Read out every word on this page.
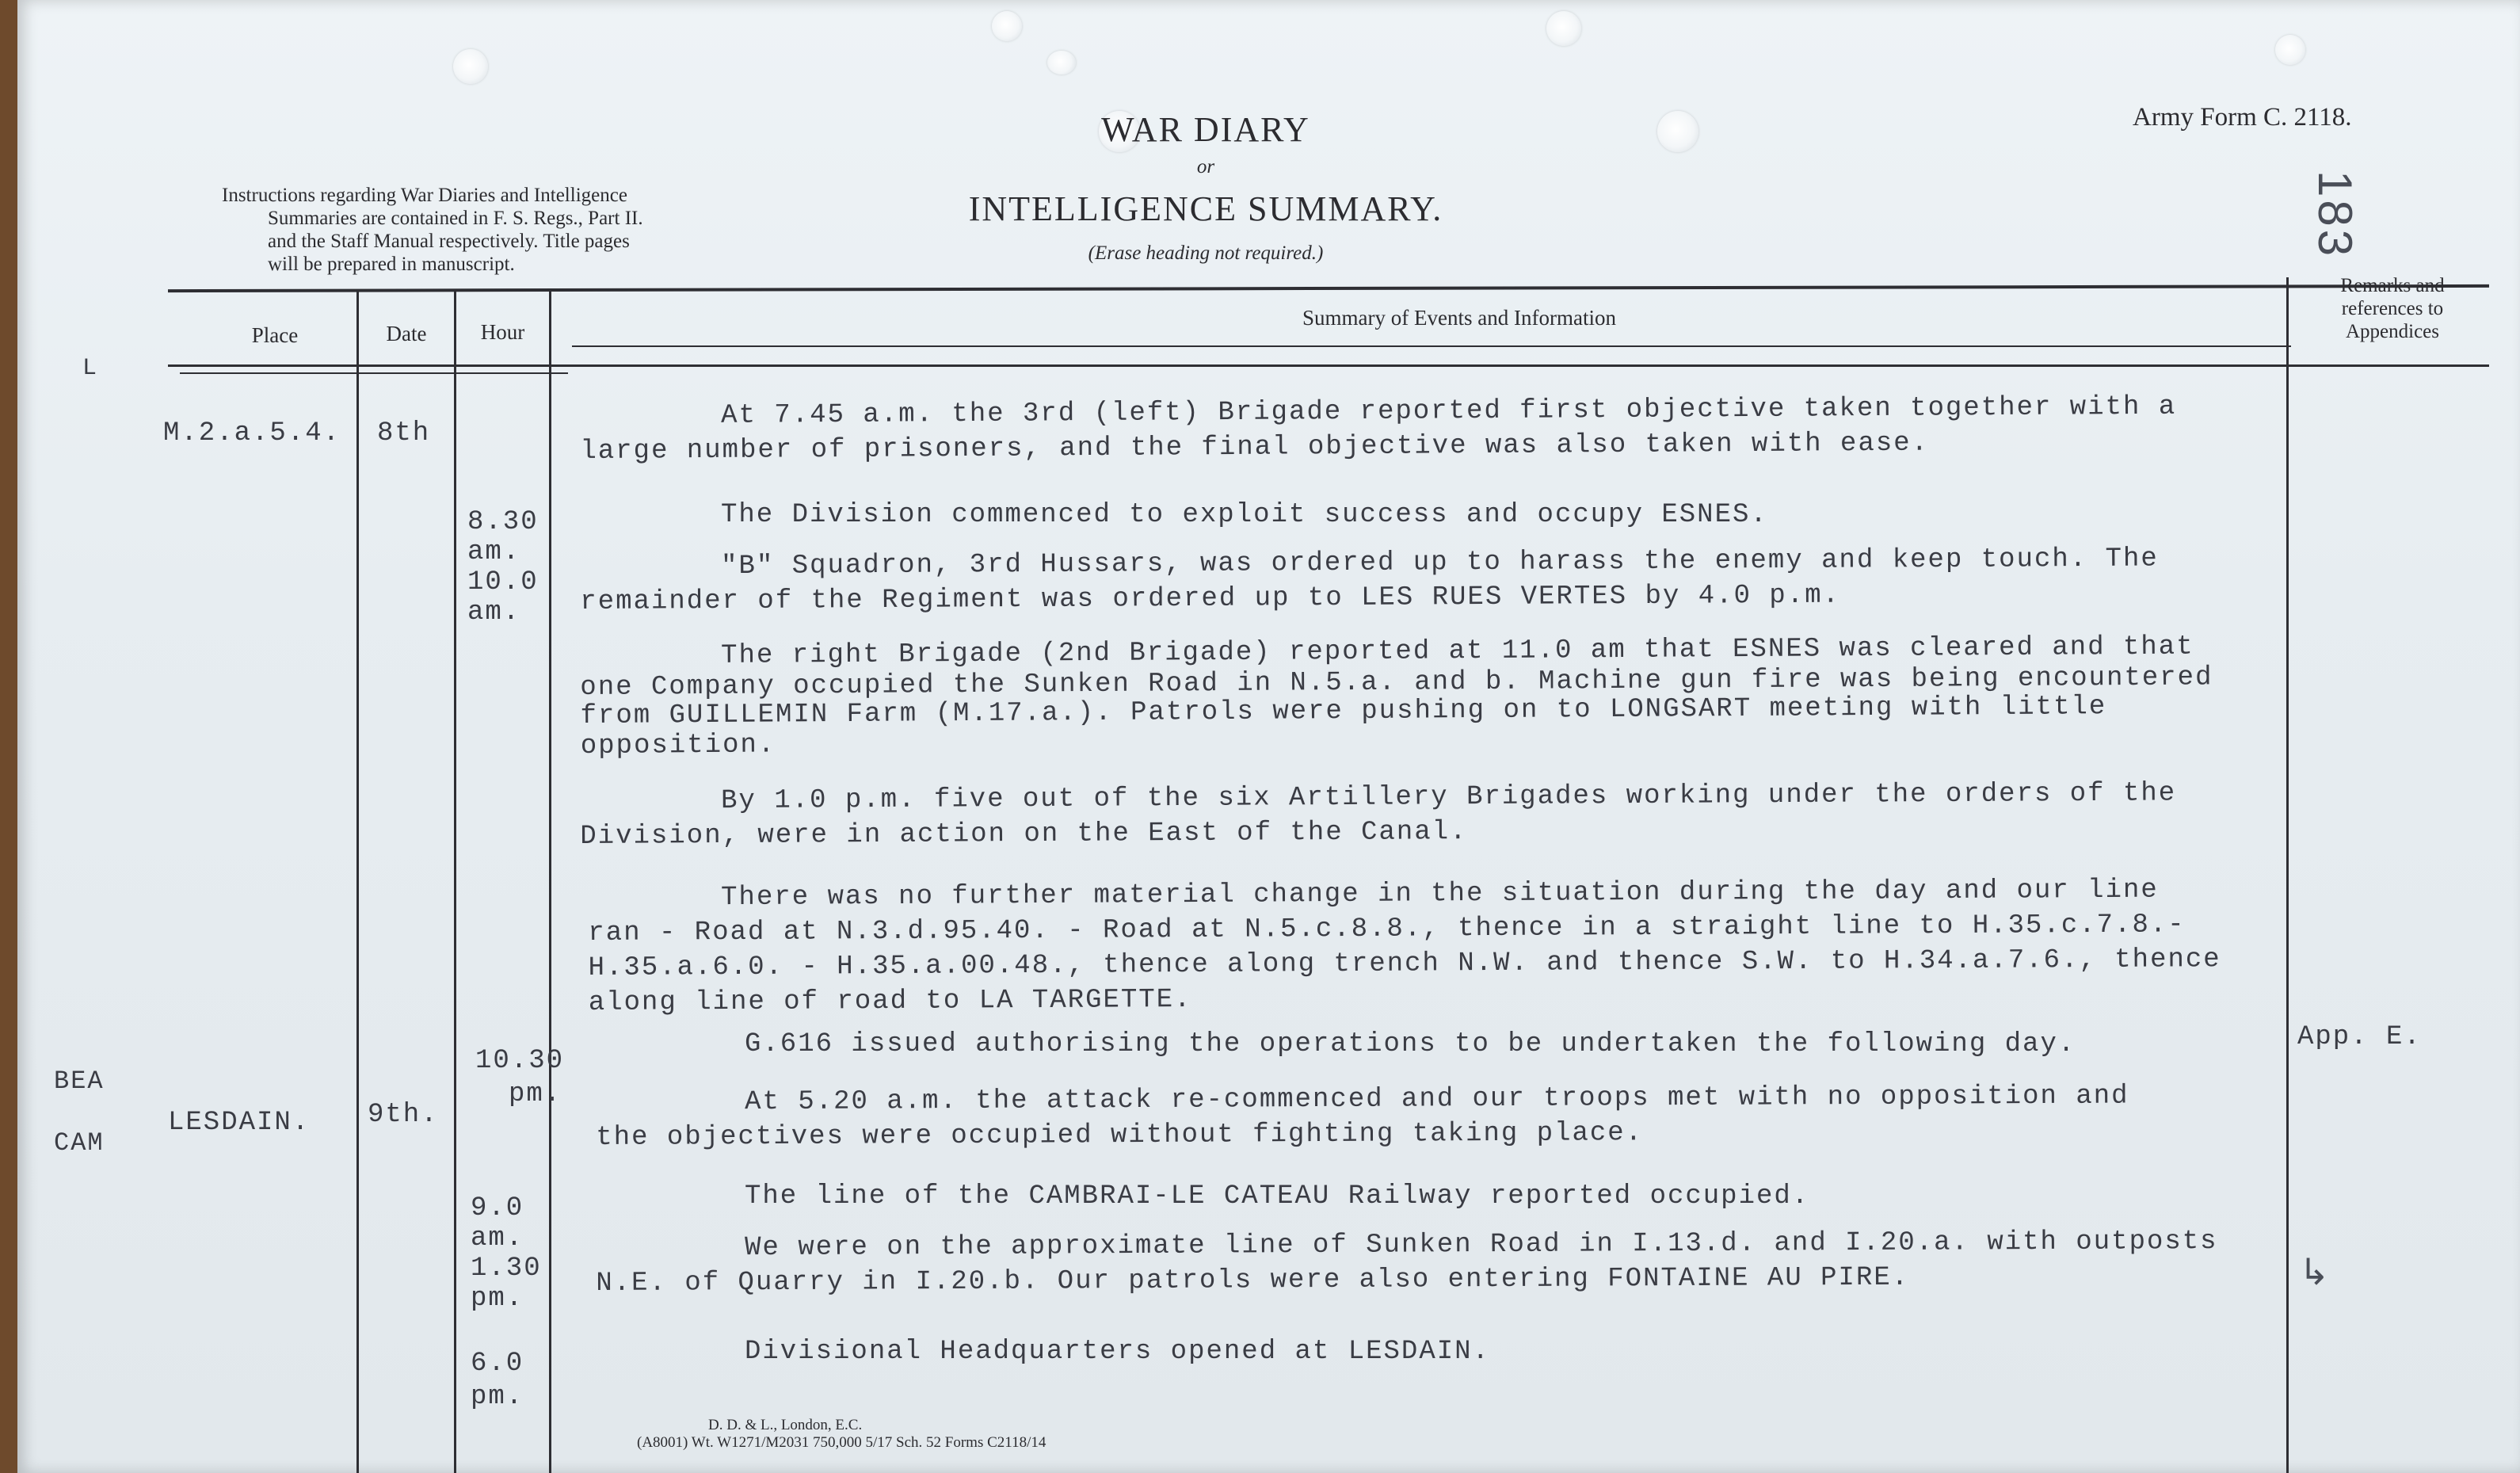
Instructions regarding War Diaries and Intelligence
Summaries are contained in F. S. Regs., Part II.
and the Staff Manual respectively. Title pages
will be prepared in manuscript.
WAR DIARY
or
INTELLIGENCE SUMMARY.
(Erase heading not required.)
Army Form C. 2118.
183
Place	Date	Hour
Summary of Events and Information
Remarks and
references to
Appendices
L
BEA
CAM
M.2.a.5.4. 8th
8.30
am.
10.0
am.
10.30
pm.
LESDAIN. 9th.
9.0
am.
1.30
pm.
6.0
pm.
App. E.
↳
At 7.45 a.m. the 3rd (left) Brigade reported first objective taken together with a
large number of prisoners, and the final objective was also taken with ease.
The Division commenced to exploit success and occupy ESNES.
"B" Squadron, 3rd Hussars, was ordered up to harass the enemy and keep touch. The
remainder of the Regiment was ordered up to LES RUES VERTES by 4.0 p.m.
The right Brigade (2nd Brigade) reported at 11.0 am that ESNES was cleared and that
one Company occupied the Sunken Road in N.5.a. and b. Machine gun fire was being encountered
from GUILLEMIN Farm (M.17.a.). Patrols were pushing on to LONGSART meeting with little
opposition.
By 1.0 p.m. five out of the six Artillery Brigades working under the orders of the
Division, were in action on the East of the Canal.
There was no further material change in the situation during the day and our line
ran - Road at N.3.d.95.40. - Road at N.5.c.8.8., thence in a straight line to H.35.c.7.8.-
H.35.a.6.0. - H.35.a.00.48., thence along trench N.W. and thence S.W. to H.34.a.7.6., thence
along line of road to LA TARGETTE.
G.616 issued authorising the operations to be undertaken the following day.
At 5.20 a.m. the attack re-commenced and our troops met with no opposition and
the objectives were occupied without fighting taking place.
The line of the CAMBRAI-LE CATEAU Railway reported occupied.
We were on the approximate line of Sunken Road in I.13.d. and I.20.a. with outposts
N.E. of Quarry in I.20.b. Our patrols were also entering FONTAINE AU PIRE.
Divisional Headquarters opened at LESDAIN.
D. D. & L., London, E.C.
(A8001) Wt. W1271/M2031 750,000 5/17 Sch. 52 Forms C2118/14
